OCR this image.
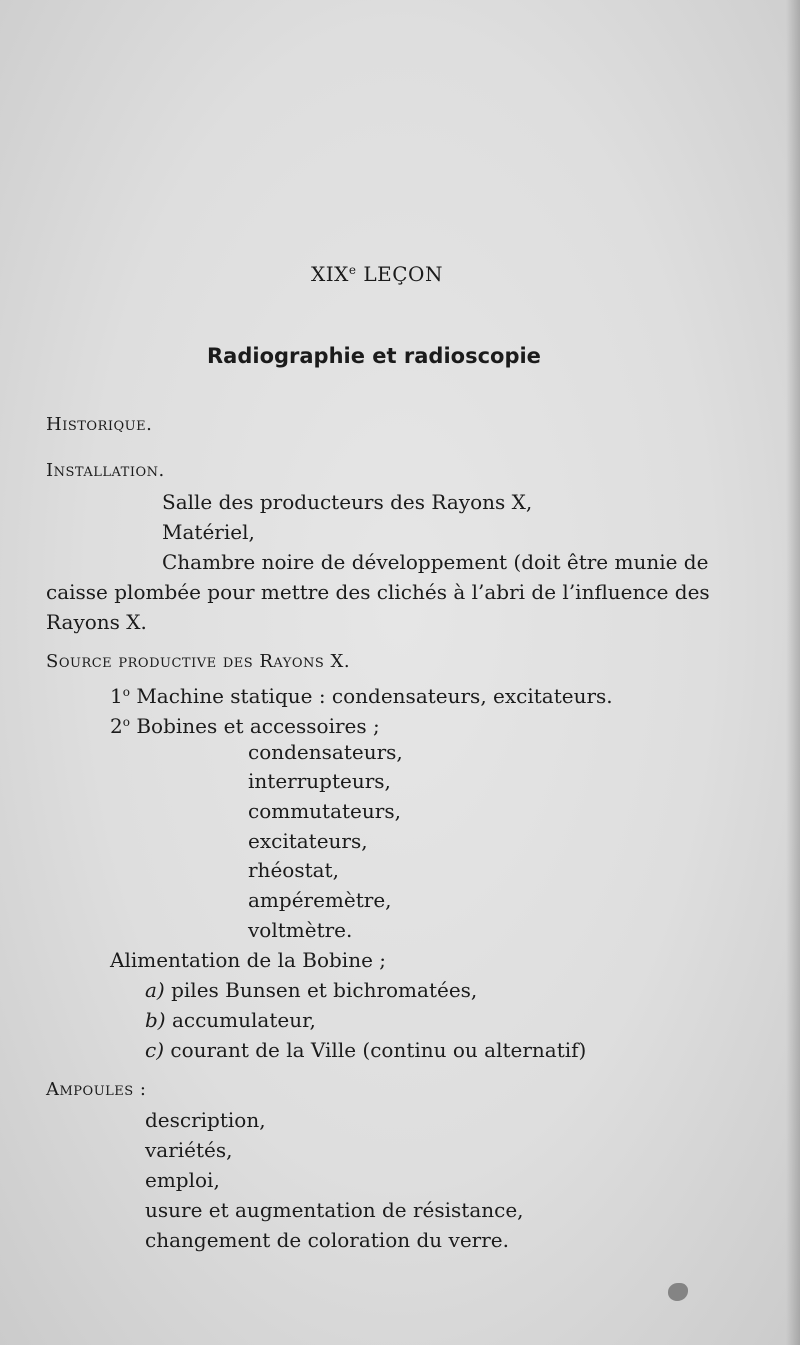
XIXe LEÇON
Radiographie et radioscopie
Historique.
Installation.
Salle des producteurs des Rayons X,
Matériel,
Chambre noire de développement (doit être munie de
caisse plombée pour mettre des clichés à l’abri de l’influence des
Rayons X.
Source productive des Rayons X.
1$^o$ Machine statique : condensateurs, excitateurs.
2$^o$ Bobines et accessoires ;
condensateurs,
interrupteurs,
commutateurs,
excitateurs,
rhéostat,
ampéremètre,
voltmètre.
Alimentation de la Bobine ;
a) piles Bunsen et bichromatées,
b) accumulateur,
c) courant de la Ville (continu ou alternatif)
Ampoules :
description,
variétés,
emploi,
usure et augmentation de résistance,
changement de coloration du verre.
